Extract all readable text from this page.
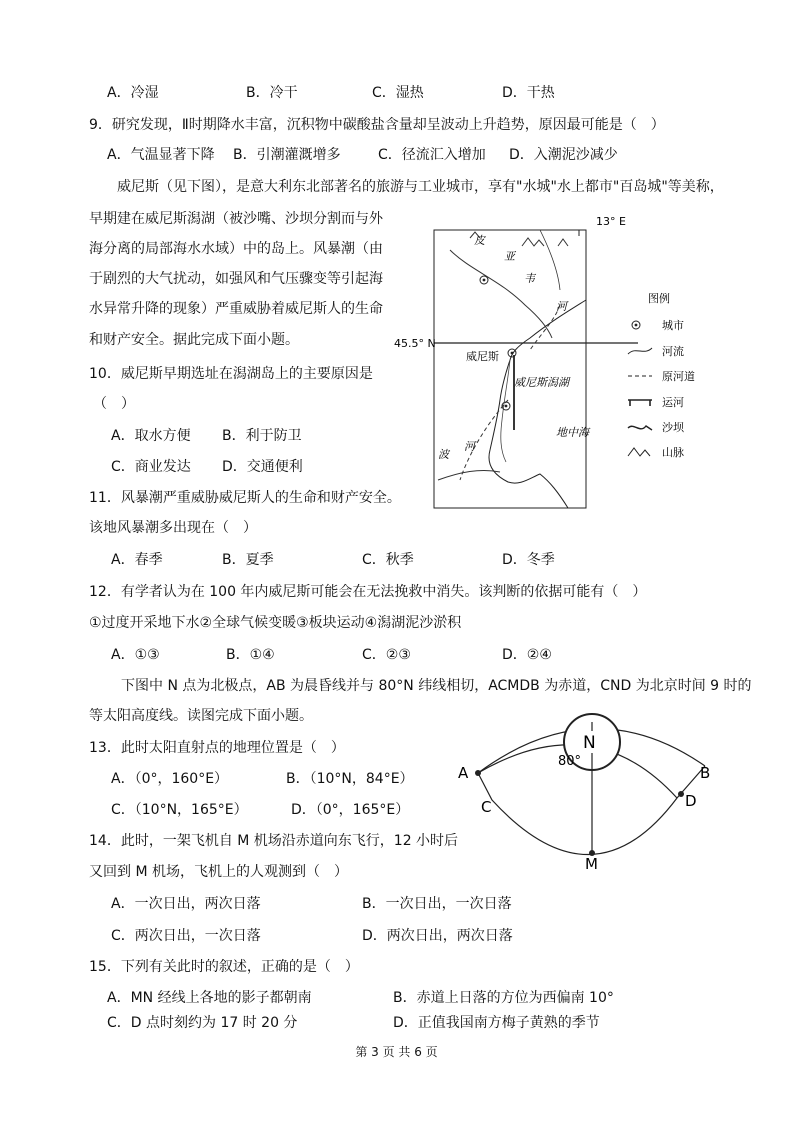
A．冷湿	B．冷干	C．湿热	D．干热
9．研究发现，Ⅱ时期降水丰富，沉积物中碳酸盐含量却呈波动上升趋势，原因最可能是（　）
A．气温显著下降 B．引潮灌溉增多	C．径流汇入增加 D．入潮泥沙减少
威尼斯（见下图），是意大利东北部著名的旅游与工业城市，享有"水城"水上都市"百岛城"等美称，
早期建在威尼斯潟湖（被沙嘴、沙坝分割而与外
海分离的局部海水水域）中的岛上。风暴潮（由
于剧烈的大气扰动，如强风和气压骤变等引起海
水异常升降的现象）严重威胁着威尼斯人的生命
和财产安全。据此完成下面小题。
10．威尼斯早期选址在潟湖岛上的主要原因是
（　）
A．取水方便 B．利于防卫
C．商业发达 D．交通便利
11．风暴潮严重威胁威尼斯人的生命和财产安全。
该地风暴潮多出现在（　）
A．春季	B．夏季	C．秋季	D．冬季
12．有学者认为在 100 年内威尼斯可能会在无法挽救中消失。该判断的依据可能有（　）
①过度开采地下水②全球气候变暖③板块运动④潟湖泥沙淤积
A．①③	B．①④	C．②③	D．②④
下图中 N 点为北极点，AB 为晨昏线并与 80°N 纬线相切，ACMDB 为赤道，CND 为北京时间 9 时的
等太阳高度线。读图完成下面小题。
13．此时太阳直射点的地理位置是（　）
A．（0°，160°E）	B．（10°N，84°E）
C．（10°N，165°E）	D．（0°，165°E）
14．此时，一架飞机自 M 机场沿赤道向东飞行，12 小时后
又回到 M 机场，飞机上的人观测到（　）
A．一次日出，两次日落	B．一次日出，一次日落
C．两次日出，一次日落	D．两次日出，两次日落
15．下列有关此时的叙述，正确的是（　）
A．MN 经线上各地的影子都朝南	B．赤道上日落的方位为西偏南 10°
C．D 点时刻约为 17 时 20 分	D．正值我国南方梅子黄熟的季节
13° E
45.5° N
威尼斯
威尼斯潟湖
地中海
皮
亚
韦
河
波
河
图例
城市
河流
原河道
运河
沙坝
山脉
N
80°
A	B
C	D
M
第 3 页 共 6 页
